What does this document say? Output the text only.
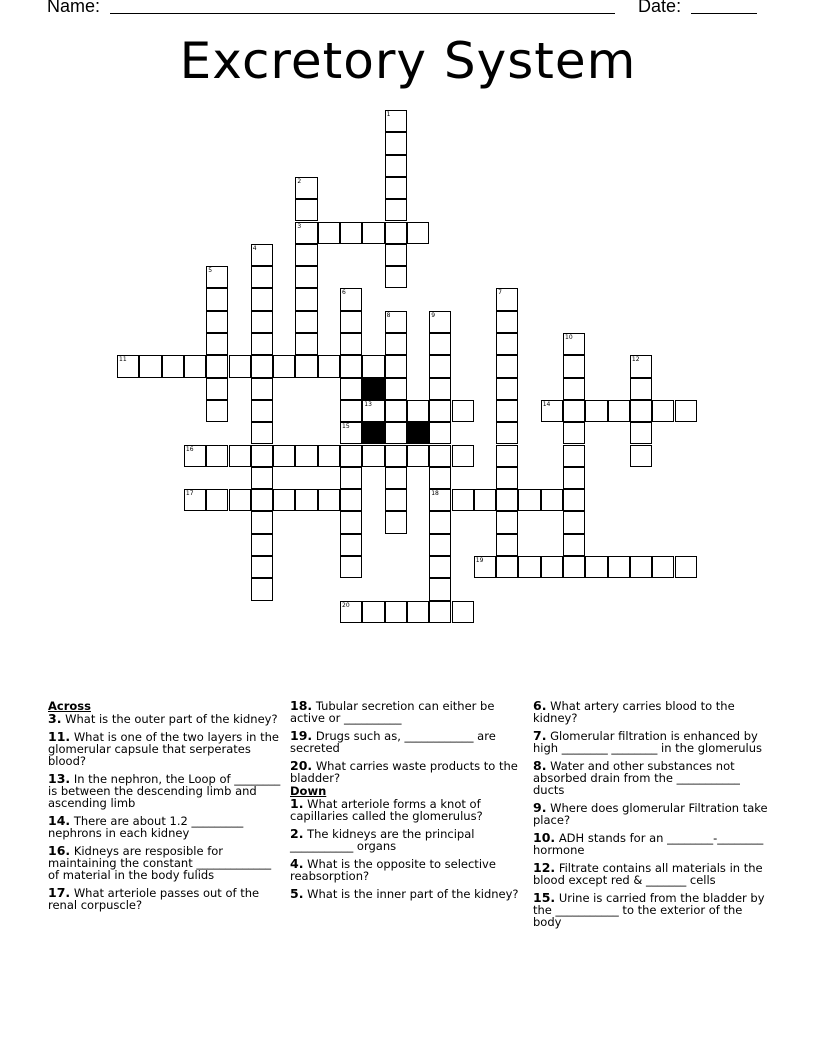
Name:	Date:
Excretory System
1
2
3
4
5
6
15
7
8	9
18
10
11	12
13	14
16
17
19
20
Across
3. What is the outer part of the kidney?
11. What is one of the two layers in the glomerular capsule that serperates blood?
13. In the nephron, the Loop of ________ is between the descending limb and ascending limb
14. There are about 1.2 _________ nephrons in each kidney
16. Kidneys are resposible for maintaining the constant _____________ of material in the body fulids
17. What arteriole passes out of the renal corpuscle?
18. Tubular secretion can either be active or __________
19. Drugs such as, ____________ are secreted
20. What carries waste products to the bladder?
Down
1. What arteriole forms a knot of capillaries called the glomerulus?
2. The kidneys are the principal ___________ organs
4. What is the opposite to selective reabsorption?
5. What is the inner part of the kidney?
6. What artery carries blood to the kidney?
7. Glomerular filtration is enhanced by high ________ ________ in the glomerulus
8. Water and other substances not absorbed drain from the ___________ ducts
9. Where does glomerular Filtration take place?
10. ADH stands for an ________-________ hormone
12. Filtrate contains all materials in the blood except red & _______ cells
15. Urine is carried from the bladder by the ___________ to the exterior of the body
